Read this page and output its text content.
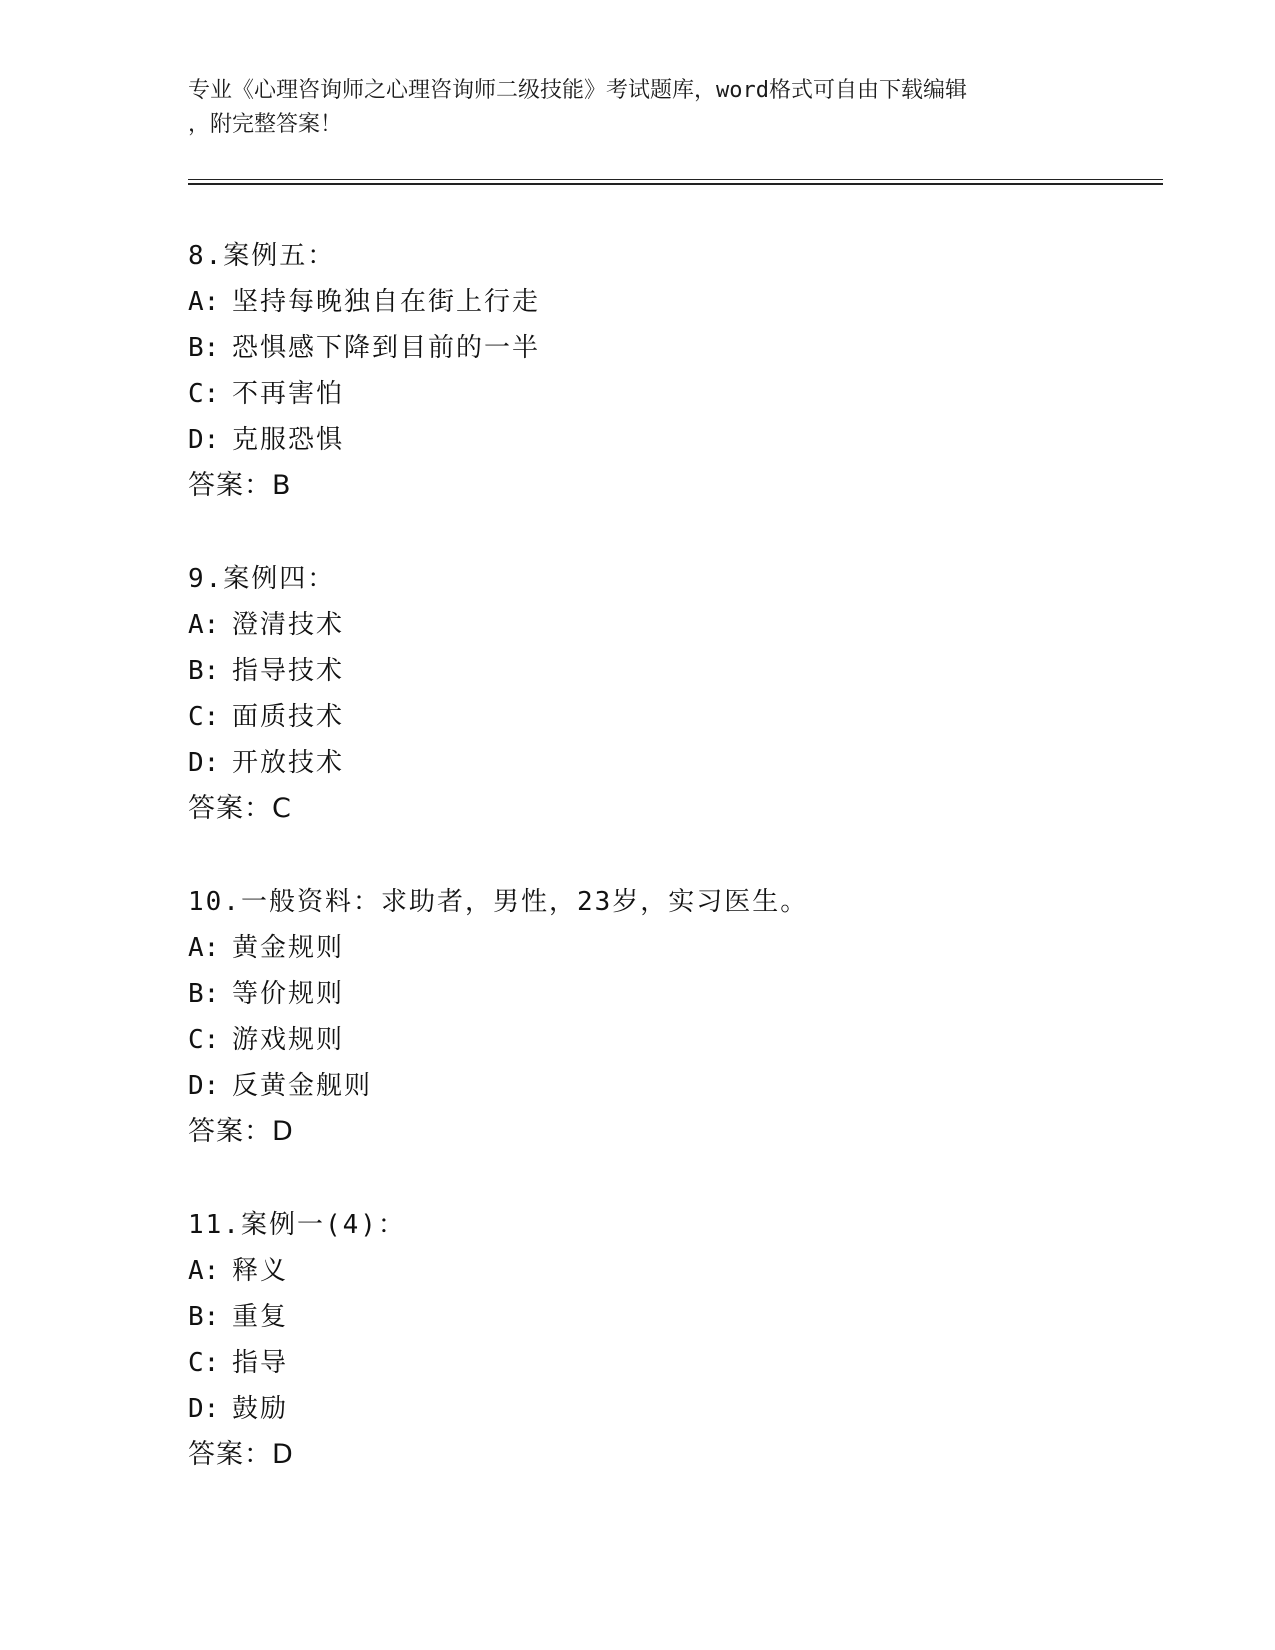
专业《心理咨询师之心理咨询师二级技能》考试题库，word格式可自由下载编辑
，附完整答案！
8.案例五：
A: 坚持每晚独自在街上行走
B: 恐惧感下降到目前的一半
C: 不再害怕
D: 克服恐惧
答案：B
9.案例四：
A: 澄清技术
B: 指导技术
C: 面质技术
D: 开放技术
答案：C
10.一般资料：求助者，男性，23岁，实习医生。
A: 黄金规则
B: 等价规则
C: 游戏规则
D: 反黄金舰则
答案：D
11.案例一(4)：
A: 释义
B: 重复
C: 指导
D: 鼓励
答案：D
